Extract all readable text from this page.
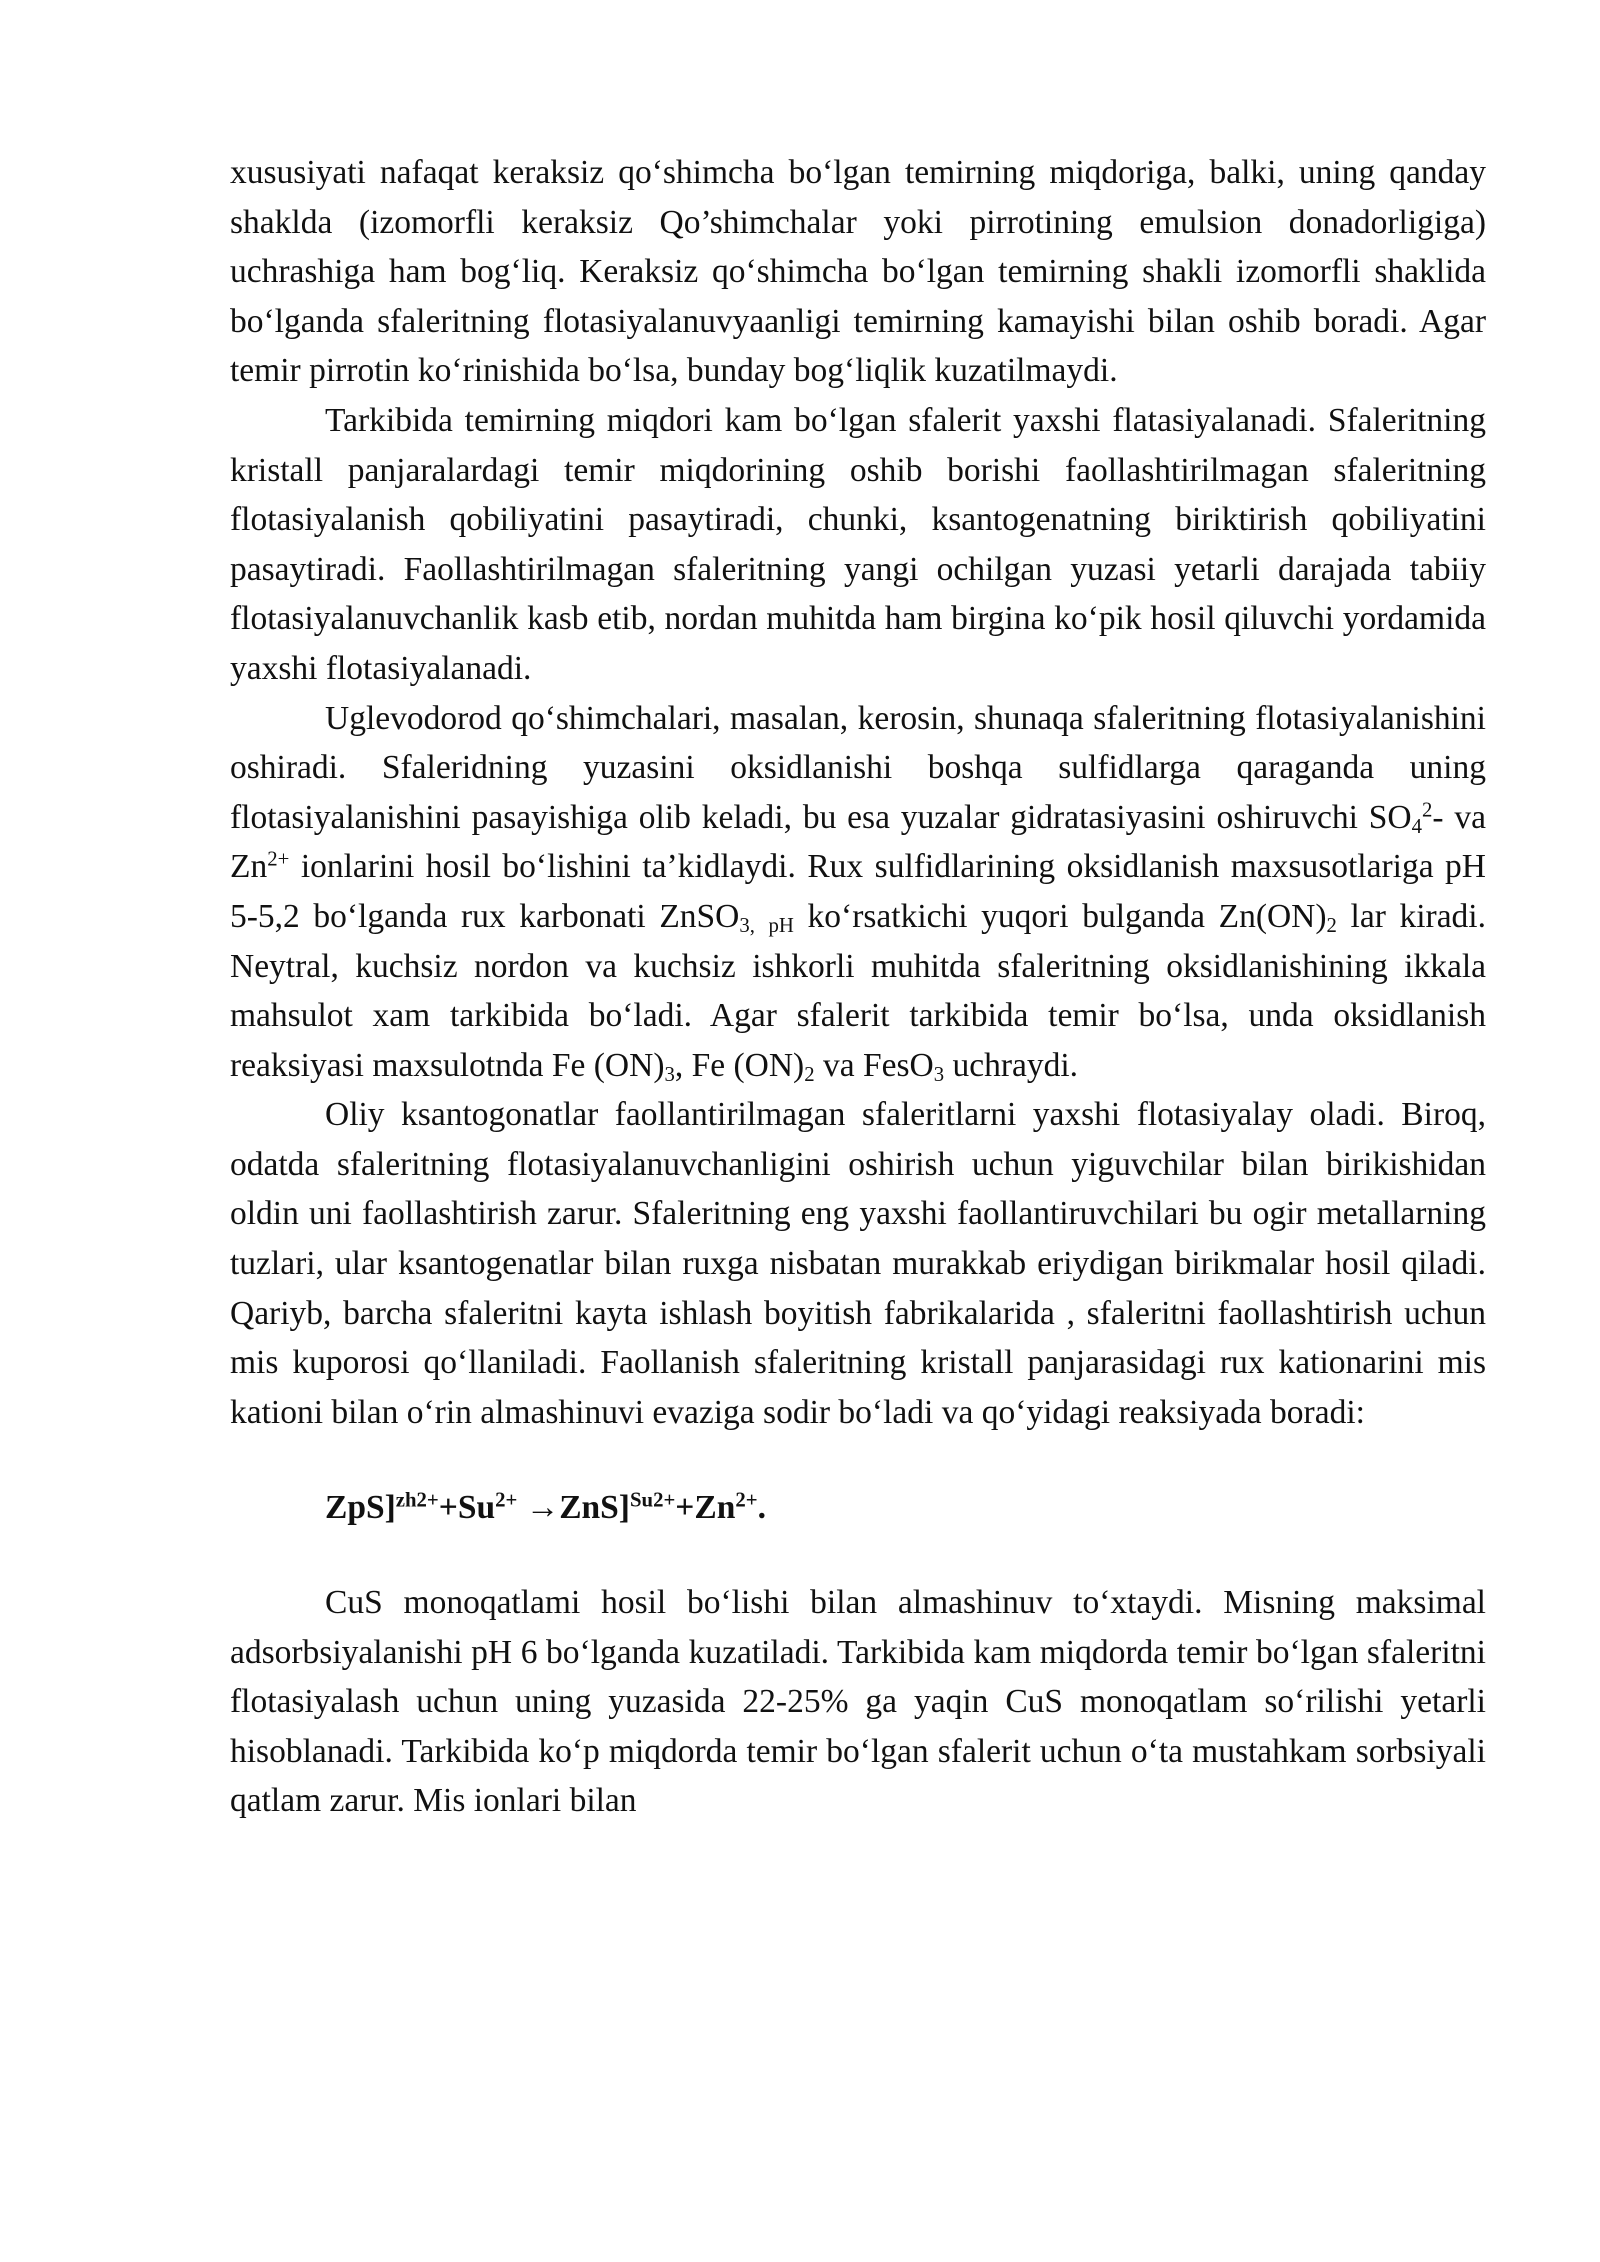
xususiyati nafaqat keraksiz qo‘shimcha bo‘lgan temirning miqdoriga, balki, uning qanday shaklda (izomorfli keraksiz Qo’shimchalar yoki pirrotining emulsion donadorligiga) uchrashiga ham bog‘liq. Keraksiz qo‘shimcha bo‘lgan temirning shakli izomorfli shaklida bo‘lganda sfaleritning flotasiyalanuvyaanligi temirning kamayishi bilan oshib boradi. Agar temir pirrotin ko‘rinishida bo‘lsa, bunday bog‘liqlik kuzatilmaydi.

Tarkibida temirning miqdori kam bo‘lgan sfalerit yaxshi flatasiyalanadi. Sfaleritning kristall panjaralardagi temir miqdorining oshib borishi faollashtirilmagan sfaleritning flotasiyalanish qobiliyatini pasaytiradi, chunki, ksantogenatning biriktirish qobiliyatini pasaytiradi. Faollashtirilmagan sfaleritning yangi ochilgan yuzasi yetarli darajada tabiiy flotasiyalanuvchanlik kasb etib, nordan muhitda ham birgina ko‘pik hosil qiluvchi yordamida yaxshi flotasiyalanadi.

Uglevodorod qo‘shimchalari, masalan, kerosin, shunaqa sfaleritning flotasiyalanishini oshiradi. Sfaleridning yuzasini oksidlanishi boshqa sulfidlarga qaraganda uning flotasiyalanishini pasayishiga olib keladi, bu esa yuzalar gidratasiyasini oshiruvchi $SO_4^2-$ va $Zn^{2+}$ ionlarini hosil bo‘lishini ta’kidlaydi. Rux sulfidlarining oksidlanish maxsusotlariga pH 5-5,2 bo‘lganda rux karbonati ZnSO$_{3,}$ $_{pH}$ ko‘rsatkichi yuqori bulganda $Zn(ON)_2$ lar kiradi. Neytral, kuchsiz nordon va kuchsiz ishkorli muhitda sfaleritning oksidlanishining ikkala mahsulot xam tarkibida bo‘ladi. Agar sfalerit tarkibida temir bo‘lsa, unda oksidlanish reaksiyasi maxsulotnda Fe $(ON)_3$, Fe $(ON)_2$ va FesO$_3$ uchraydi.

Oliy ksantogonatlar faollantirilmagan sfaleritlarni yaxshi flotasiyalay oladi. Biroq, odatda sfaleritning flotasiyalanuvchanligini oshirish uchun yiguvchilar bilan birikishidan oldin uni faollashtirish zarur. Sfaleritning eng yaxshi faollantiruvchilari bu ogir metallarning tuzlari, ular ksantogenatlar bilan ruxga nisbatan murakkab eriydigan birikmalar hosil qiladi. Qariyb, barcha sfaleritni kayta ishlash boyitish fabrikalarida , sfaleritni faollashtirish uchun mis kuporosi qo‘llaniladi. Faollanish sfaleritning kristall panjarasidagi rux kationarini mis kationi bilan o‘rin almashinuvi evaziga sodir bo‘ladi va qo‘yidagi reaksiyada boradi:

$ZpS]^{zh2+}+Su^{2+} \to ZnS]^{Su2+}+Zn^{2+}$.

CuS monoqatlami hosil bo‘lishi bilan almashinuv to‘xtaydi. Misning maksimal adsorbsiyalanishi pH 6 bo‘lganda kuzatiladi. Tarkibida kam miqdorda temir bo‘lgan sfaleritni flotasiyalash uchun uning yuzasida 22-25% ga yaqin CuS monoqatlam so‘rilishi yetarli hisoblanadi. Tarkibida ko‘p miqdorda temir bo‘lgan sfalerit uchun o‘ta mustahkam sorbsiyali qatlam zarur. Mis ionlari bilan
